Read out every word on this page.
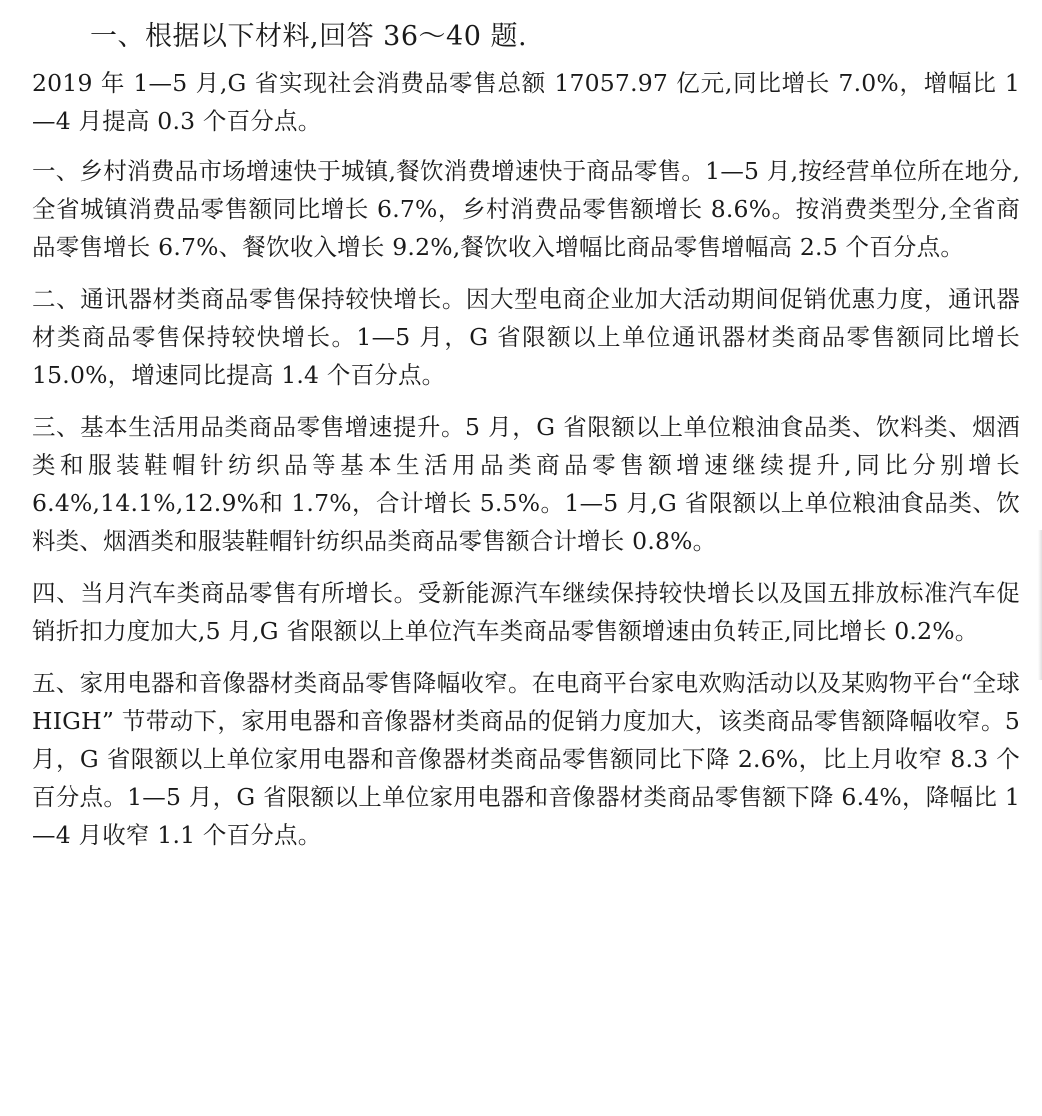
一、根据以下材料,回答 36～40 题.

2019 年 1—5 月,G 省实现社会消费品零售总额 17057.97 亿元,同比增长 7.0%，增幅比 1—4 月提高 0.3 个百分点。

一、乡村消费品市场增速快于城镇,餐饮消费增速快于商品零售。1—5 月,按经营单位所在地分,全省城镇消费品零售额同比增长 6.7%，乡村消费品零售额增长 8.6%。按消费类型分,全省商品零售增长 6.7%、餐饮收入增长 9.2%,餐饮收入增幅比商品零售增幅高 2.5 个百分点。

二、通讯器材类商品零售保持较快增长。因大型电商企业加大活动期间促销优惠力度，通讯器材类商品零售保持较快增长。1—5 月，G 省限额以上单位通讯器材类商品零售额同比增长 15.0%，增速同比提高 1.4 个百分点。

三、基本生活用品类商品零售增速提升。5 月，G 省限额以上单位粮油食品类、饮料类、烟酒类和服装鞋帽针纺织品等基本生活用品类商品零售额增速继续提升,同比分别增长 6.4%,14.1%,12.9%和 1.7%，合计增长 5.5%。1—5 月,G 省限额以上单位粮油食品类、饮料类、烟酒类和服装鞋帽针纺织品类商品零售额合计增长 0.8%。

四、当月汽车类商品零售有所增长。受新能源汽车继续保持较快增长以及国五排放标准汽车促销折扣力度加大,5 月,G 省限额以上单位汽车类商品零售额增速由负转正,同比增长 0.2%。

五、家用电器和音像器材类商品零售降幅收窄。在电商平台家电欢购活动以及某购物平台“全球 HIGH” 节带动下，家用电器和音像器材类商品的促销力度加大，该类商品零售额降幅收窄。5 月，G 省限额以上单位家用电器和音像器材类商品零售额同比下降 2.6%，比上月收窄 8.3 个百分点。1—5 月，G 省限额以上单位家用电器和音像器材类商品零售额下降 6.4%，降幅比 1—4 月收窄 1.1 个百分点。
